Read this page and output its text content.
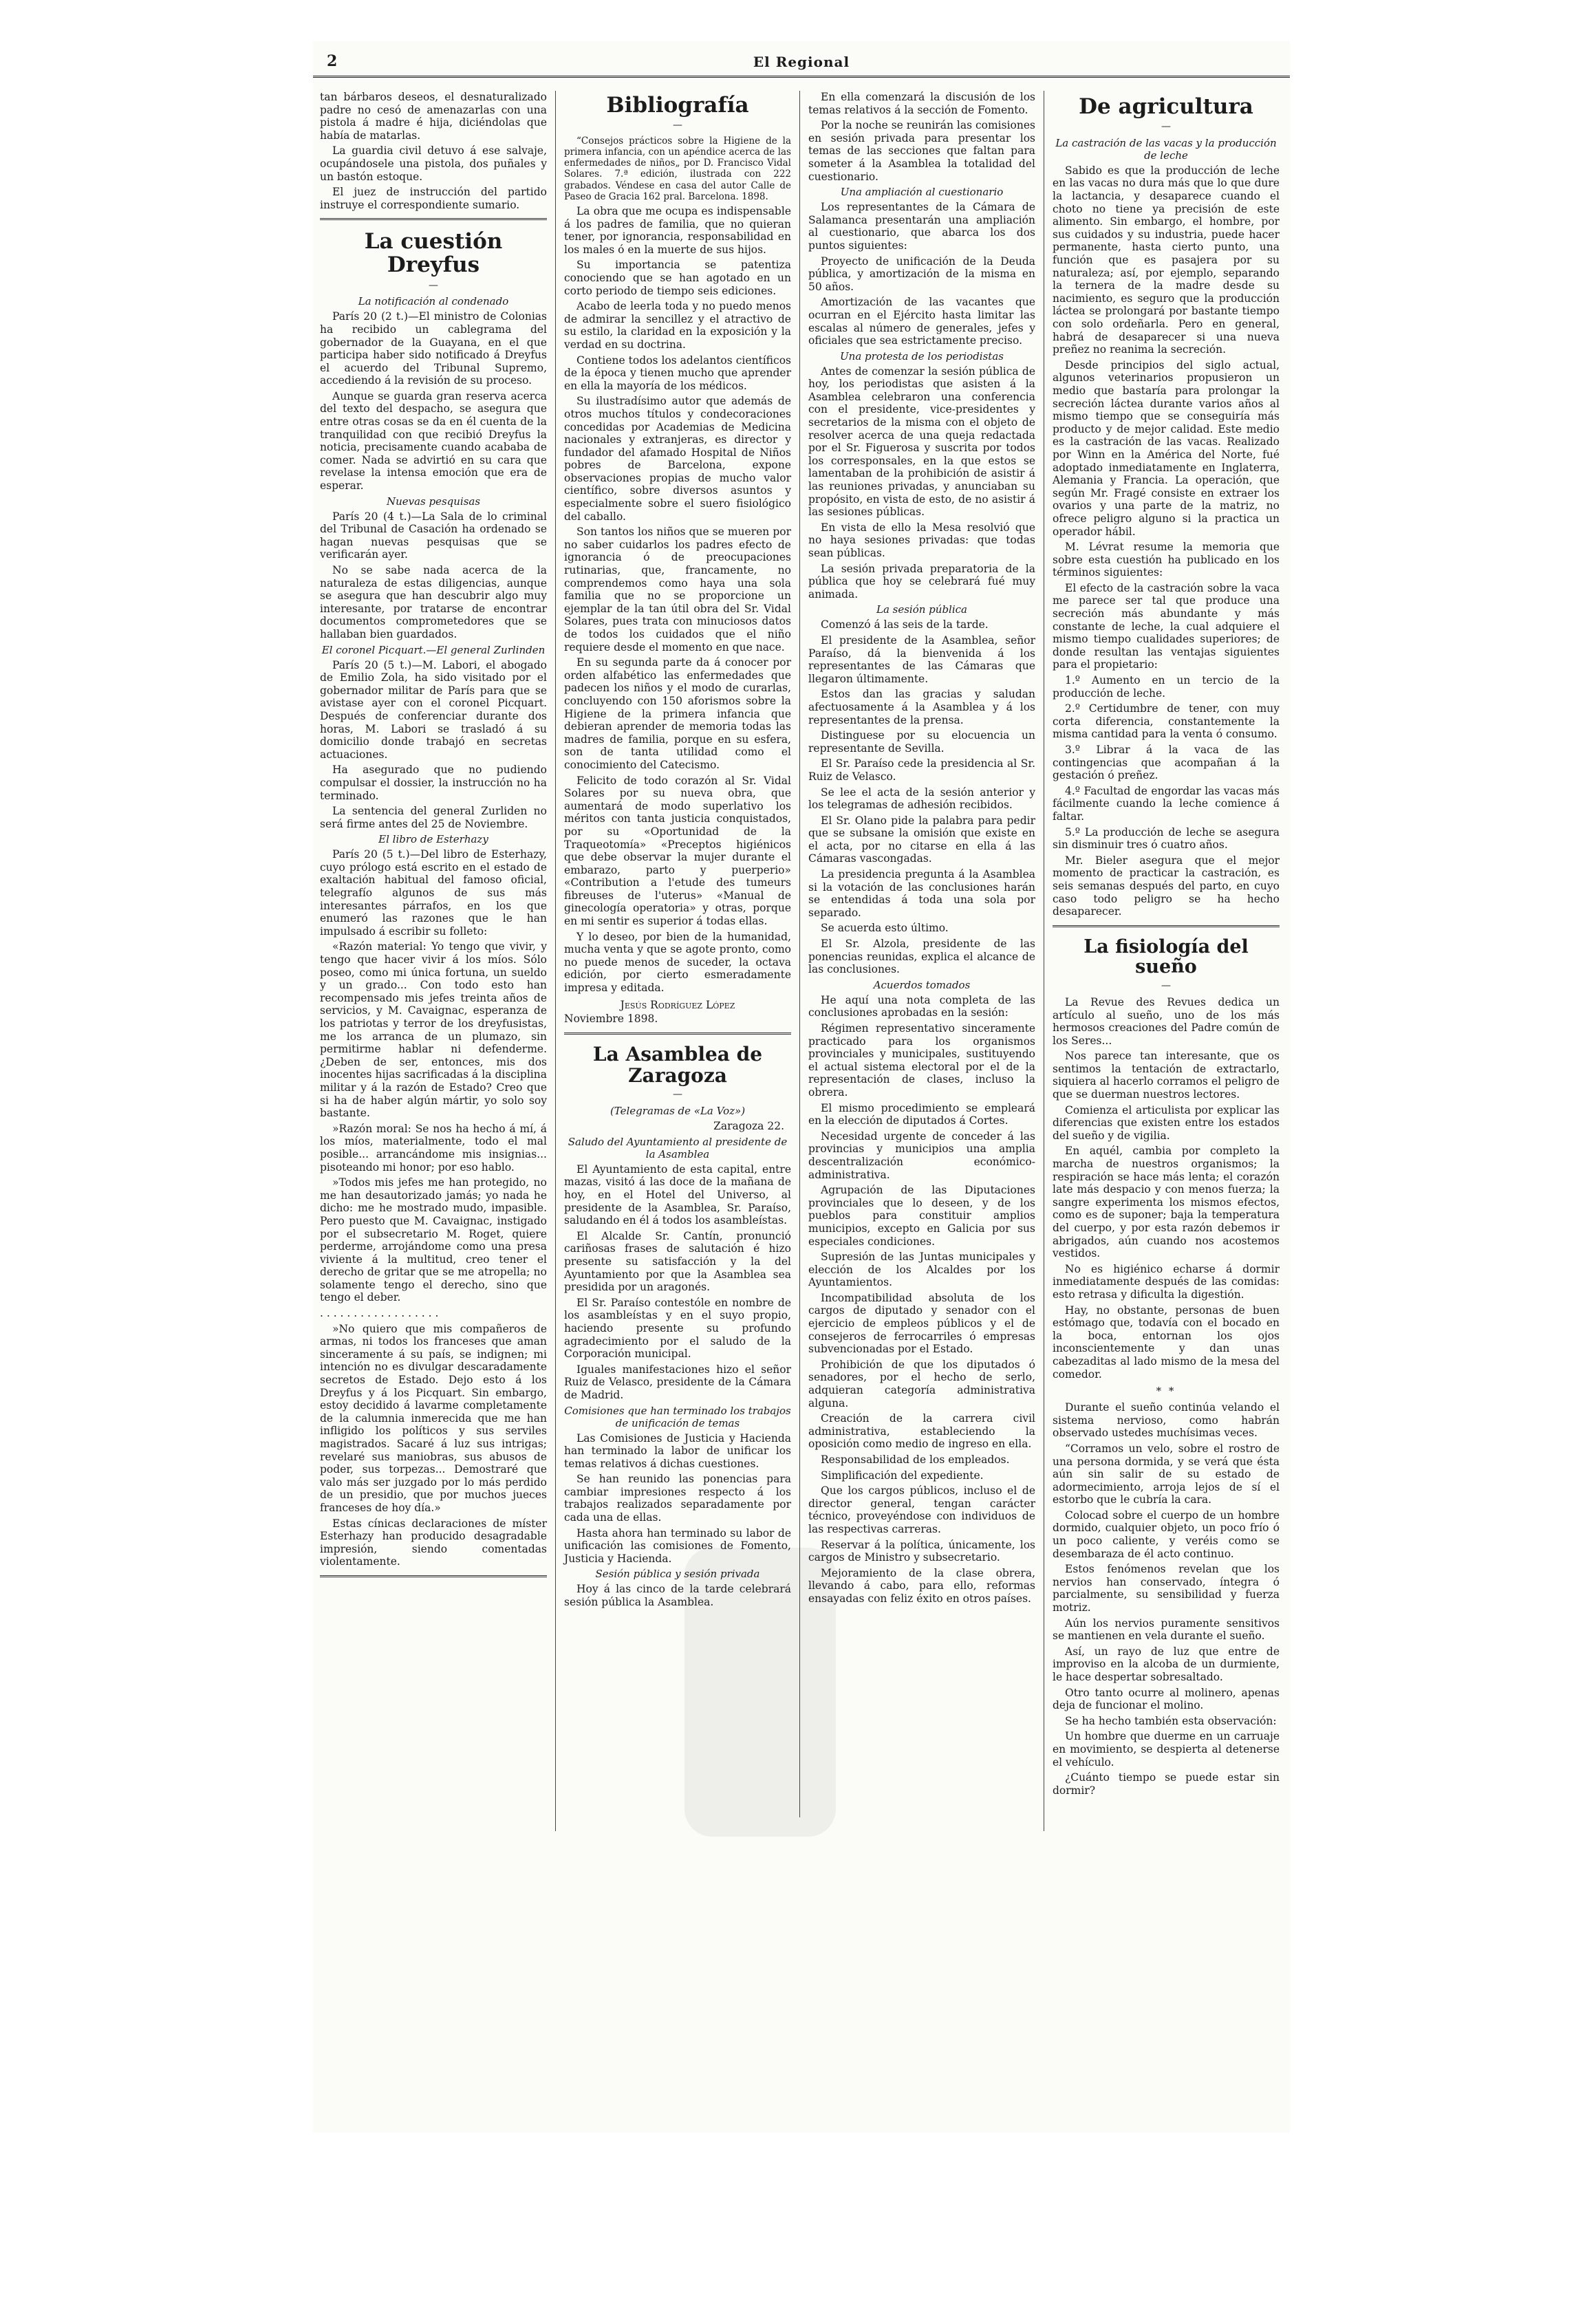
2	El Regional

tan bárbaros deseos, el desnaturalizado padre no cesó de amenazarlas con una pistola á madre é hija, diciéndolas que había de matarlas.

La guardia civil detuvo á ese salvaje, ocupándosele una pistola, dos puñales y un bastón estoque.

El juez de instrucción del partido instruye el correspondiente sumario.

La cuestión Dreyfus
—
La notificación al condenado

París 20 (2 t.)—El ministro de Colonias ha recibido un cablegrama del gobernador de la Guayana, en el que participa haber sido notificado á Dreyfus el acuerdo del Tribunal Supremo, accediendo á la revisión de su proceso.

Aunque se guarda gran reserva acerca del texto del despacho, se asegura que entre otras cosas se da en él cuenta de la tranquilidad con que recibió Dreyfus la noticia, precisamente cuando acababa de comer. Nada se advirtió en su cara que revelase la intensa emoción que era de esperar.

Nuevas pesquisas

París 20 (4 t.)—La Sala de lo criminal del Tribunal de Casación ha ordenado se hagan nuevas pesquisas que se verificarán ayer.

No se sabe nada acerca de la naturaleza de estas diligencias, aunque se asegura que han descubrir algo muy interesante, por tratarse de encontrar documentos comprometedores que se hallaban bien guardados.

El coronel Picquart.—El general Zurlinden

París 20 (5 t.)—M. Labori, el abogado de Emilio Zola, ha sido visitado por el gobernador militar de París para que se avistase ayer con el coronel Picquart. Después de conferenciar durante dos horas, M. Labori se trasladó á su domicilio donde trabajó en secretas actuaciones.

Ha asegurado que no pudiendo compulsar el dossier, la instrucción no ha terminado.

La sentencia del general Zurliden no será firme antes del 25 de Noviembre.

El libro de Esterhazy

París 20 (5 t.)—Del libro de Esterhazy, cuyo prólogo está escrito en el estado de exaltación habitual del famoso oficial, telegrafío algunos de sus más interesantes párrafos, en los que enumeró las razones que le han impulsado á escribir su folleto:

«Razón material: Yo tengo que vivir, y tengo que hacer vivir á los míos. Sólo poseo, como mi única fortuna, un sueldo y un grado... Con todo esto han recompensado mis jefes treinta años de servicios, y M. Cavaignac, esperanza de los patriotas y terror de los dreyfusistas, me los arranca de un plumazo, sin permitirme hablar ni defenderme. ¿Deben de ser, entonces, mis dos inocentes hijas sacrificadas á la disciplina militar y á la razón de Estado? Creo que si ha de haber algún mártir, yo solo soy bastante.

»Razón moral: Se nos ha hecho á mí, á los míos, materialmente, todo el mal posible... arrancándome mis insignias... pisoteando mi honor; por eso hablo.

»Todos mis jefes me han protegido, no me han desautorizado jamás; yo nada he dicho: me he mostrado mudo, impasible. Pero puesto que M. Cavaignac, instigado por el subsecretario M. Roget, quiere perderme, arrojándome como una presa viviente á la multitud, creo tener el derecho de gritar que se me atropella; no solamente tengo el derecho, sino que tengo el deber.

. . . . . . . . . . . . . . . . . .

»No quiero que mis compañeros de armas, ni todos los franceses que aman sinceramente á su país, se indignen; mi intención no es divulgar descaradamente secretos de Estado. Dejo esto á los Dreyfus y á los Picquart. Sin embargo, estoy decidido á lavarme completamente de la calumnia inmerecida que me han infligido los políticos y sus serviles magistrados. Sacaré á luz sus intrigas; revelaré sus maniobras, sus abusos de poder, sus torpezas... Demostraré que valo más ser juzgado por lo más perdido de un presidio, que por muchos jueces franceses de hoy día.»

Estas cínicas declaraciones de míster Esterhazy han producido desagradable impresión, siendo comentadas violentamente.

Bibliografía
—

“Consejos prácticos sobre la Higiene de la primera infancia, con un apéndice acerca de las enfermedades de niños„ por D. Francisco Vidal Solares. 7.ª edición, ilustrada con 222 grabados. Véndese en casa del autor Calle de Paseo de Gracia 162 pral. Barcelona. 1898.

La obra que me ocupa es indispensable á los padres de familia, que no quieran tener, por ignorancia, responsabilidad en los males ó en la muerte de sus hijos.

Su importancia se patentiza conociendo que se han agotado en un corto periodo de tiempo seis ediciones.

Acabo de leerla toda y no puedo menos de admirar la sencillez y el atractivo de su estilo, la claridad en la exposición y la verdad en su doctrina.

Contiene todos los adelantos científicos de la época y tienen mucho que aprender en ella la mayoría de los médicos.

Su ilustradísimo autor que además de otros muchos títulos y condecoraciones concedidas por Academias de Medicina nacionales y extranjeras, es director y fundador del afamado Hospital de Niños pobres de Barcelona, expone observaciones propias de mucho valor científico, sobre diversos asuntos y especialmente sobre el suero fisiológico del caballo.

Son tantos los niños que se mueren por no saber cuidarlos los padres efecto de ignorancia ó de preocupaciones rutinarias, que, francamente, no comprendemos como haya una sola familia que no se proporcione un ejemplar de la tan útil obra del Sr. Vidal Solares, pues trata con minuciosos datos de todos los cuidados que el niño requiere desde el momento en que nace.

En su segunda parte da á conocer por orden alfabético las enfermedades que padecen los niños y el modo de curarlas, concluyendo con 150 aforismos sobre la Higiene de la primera infancia que debieran aprender de memoria todas las madres de familia, porque en su esfera, son de tanta utilidad como el conocimiento del Catecismo.

Felicito de todo corazón al Sr. Vidal Solares por su nueva obra, que aumentará de modo superlativo los méritos con tanta justicia conquistados, por su «Oportunidad de la Traqueotomía» «Preceptos higiénicos que debe observar la mujer durante el embarazo, parto y puerperio» «Contribution a l'etude des tumeurs fibreuses de l'uterus» «Manual de ginecología operatoria» y otras, porque en mi sentir es superior á todas ellas.

Y lo deseo, por bien de la humanidad, mucha venta y que se agote pronto, como no puede menos de suceder, la octava edición, por cierto esmeradamente impresa y editada.

Jesús Rodríguez López

Noviembre 1898.

La Asamblea de Zaragoza
—
(Telegramas de «La Voz»)
Zaragoza 22.
Saludo del Ayuntamiento al presidente de la Asamblea

El Ayuntamiento de esta capital, entre mazas, visitó á las doce de la mañana de hoy, en el Hotel del Universo, al presidente de la Asamblea, Sr. Paraíso, saludando en él á todos los asambleístas.

El Alcalde Sr. Cantín, pronunció cariñosas frases de salutación é hizo presente su satisfacción y la del Ayuntamiento por que la Asamblea sea presidida por un aragonés.

El Sr. Paraíso contestóle en nombre de los asambleístas y en el suyo propio, haciendo presente su profundo agradecimiento por el saludo de la Corporación municipal.

Iguales manifestaciones hizo el señor Ruiz de Velasco, presidente de la Cámara de Madrid.

Comisiones que han terminado los trabajos de unificación de temas

Las Comisiones de Justicia y Hacienda han terminado la labor de unificar los temas relativos á dichas cuestiones.

Se han reunido las ponencias para cambiar impresiones respecto á los trabajos realizados separadamente por cada una de ellas.

Hasta ahora han terminado su labor de unificación las comisiones de Fomento, Justicia y Hacienda.

Sesión pública y sesión privada

Hoy á las cinco de la tarde celebrará sesión pública la Asamblea.

En ella comenzará la discusión de los temas relativos á la sección de Fomento.

Por la noche se reunirán las comisiones en sesión privada para presentar los temas de las secciones que faltan para someter á la Asamblea la totalidad del cuestionario.

Una ampliación al cuestionario

Los representantes de la Cámara de Salamanca presentarán una ampliación al cuestionario, que abarca los dos puntos siguientes:

Proyecto de unificación de la Deuda pública, y amortización de la misma en 50 años.

Amortización de las vacantes que ocurran en el Ejército hasta limitar las escalas al número de generales, jefes y oficiales que sea estrictamente preciso.

Una protesta de los periodistas

Antes de comenzar la sesión pública de hoy, los periodistas que asisten á la Asamblea celebraron una conferencia con el presidente, vice-presidentes y secretarios de la misma con el objeto de resolver acerca de una queja redactada por el Sr. Figuerosa y suscrita por todos los corresponsales, en la que estos se lamentaban de la prohibición de asistir á las reuniones privadas, y anunciaban su propósito, en vista de esto, de no asistir á las sesiones públicas.

En vista de ello la Mesa resolvió que no haya sesiones privadas: que todas sean públicas.

La sesión privada preparatoria de la pública que hoy se celebrará fué muy animada.

La sesión pública

Comenzó á las seis de la tarde.

El presidente de la Asamblea, señor Paraíso, dá la bienvenida á los representantes de las Cámaras que llegaron últimamente.

Estos dan las gracias y saludan afectuosamente á la Asamblea y á los representantes de la prensa.

Distinguese por su elocuencia un representante de Sevilla.

El Sr. Paraíso cede la presidencia al Sr. Ruiz de Velasco.

Se lee el acta de la sesión anterior y los telegramas de adhesión recibidos.

El Sr. Olano pide la palabra para pedir que se subsane la omisión que existe en el acta, por no citarse en ella á las Cámaras vascongadas.

La presidencia pregunta á la Asamblea si la votación de las conclusiones harán se entendidas á toda una sola por separado.

Se acuerda esto último.

El Sr. Alzola, presidente de las ponencias reunidas, explica el alcance de las conclusiones.

Acuerdos tomados

He aquí una nota completa de las conclusiones aprobadas en la sesión:

Régimen representativo sinceramente practicado para los organismos provinciales y municipales, sustituyendo el actual sistema electoral por el de la representación de clases, incluso la obrera.

El mismo procedimiento se empleará en la elección de diputados á Cortes.

Necesidad urgente de conceder á las provincias y municipios una amplia descentralización económico-administrativa.

Agrupación de las Diputaciones provinciales que lo deseen, y de los pueblos para constituir amplios municipios, excepto en Galicia por sus especiales condiciones.

Supresión de las Juntas municipales y elección de los Alcaldes por los Ayuntamientos.

Incompatibilidad absoluta de los cargos de diputado y senador con el ejercicio de empleos públicos y el de consejeros de ferrocarriles ó empresas subvencionadas por el Estado.

Prohibición de que los diputados ó senadores, por el hecho de serlo, adquieran categoría administrativa alguna.

Creación de la carrera civil administrativa, estableciendo la oposición como medio de ingreso en ella.

Responsabilidad de los empleados.

Simplificación del expediente.

Que los cargos públicos, incluso el de director general, tengan carácter técnico, proveyéndose con individuos de las respectivas carreras.

Reservar á la política, únicamente, los cargos de Ministro y subsecretario.

Mejoramiento de la clase obrera, llevando á cabo, para ello, reformas ensayadas con feliz éxito en otros países.

De agricultura
—
La castración de las vacas y la producción de leche

Sabido es que la producción de leche en las vacas no dura más que lo que dure la lactancia, y desaparece cuando el choto no tiene ya precisión de este alimento. Sin embargo, el hombre, por sus cuidados y su industria, puede hacer permanente, hasta cierto punto, una función que es pasajera por su naturaleza; así, por ejemplo, separando la ternera de la madre desde su nacimiento, es seguro que la producción láctea se prolongará por bastante tiempo con solo ordeñarla. Pero en general, habrá de desaparecer si una nueva preñez no reanima la secreción.

Desde principios del siglo actual, algunos veterinarios propusieron un medio que bastaría para prolongar la secreción láctea durante varios años al mismo tiempo que se conseguiría más producto y de mejor calidad. Este medio es la castración de las vacas. Realizado por Winn en la América del Norte, fué adoptado inmediatamente en Inglaterra, Alemania y Francia. La operación, que según Mr. Fragé consiste en extraer los ovarios y una parte de la matriz, no ofrece peligro alguno si la practica un operador hábil.

M. Lévrat resume la memoria que sobre esta cuestión ha publicado en los términos siguientes:

El efecto de la castración sobre la vaca me parece ser tal que produce una secreción más abundante y más constante de leche, la cual adquiere el mismo tiempo cualidades superiores; de donde resultan las ventajas siguientes para el propietario:

1.º Aumento en un tercio de la producción de leche.

2.º Certidumbre de tener, con muy corta diferencia, constantemente la misma cantidad para la venta ó consumo.

3.º Librar á la vaca de las contingencias que acompañan á la gestación ó preñez.

4.º Facultad de engordar las vacas más fácilmente cuando la leche comience á faltar.

5.º La producción de leche se asegura sin disminuir tres ó cuatro años.

Mr. Bieler asegura que el mejor momento de practicar la castración, es seis semanas después del parto, en cuyo caso todo peligro se ha hecho desaparecer.

La fisiología del sueño
—

La Revue des Revues dedica un artículo al sueño, uno de los más hermosos creaciones del Padre común de los Seres...

Nos parece tan interesante, que os sentimos la tentación de extractarlo, siquiera al hacerlo corramos el peligro de que se duerman nuestros lectores.

Comienza el articulista por explicar las diferencias que existen entre los estados del sueño y de vigilia.

En aquél, cambia por completo la marcha de nuestros organismos; la respiración se hace más lenta; el corazón late más despacio y con menos fuerza; la sangre experimenta los mismos efectos, como es de suponer; baja la temperatura del cuerpo, y por esta razón debemos ir abrigados, aún cuando nos acostemos vestidos.

No es higiénico echarse á dormir inmediatamente después de las comidas: esto retrasa y dificulta la digestión.

Hay, no obstante, personas de buen estómago que, todavía con el bocado en la boca, entornan los ojos inconscientemente y dan unas cabezaditas al lado mismo de la mesa del comedor.

* *

Durante el sueño continúa velando el sistema nervioso, como habrán observado ustedes muchísimas veces.

“Corramos un velo, sobre el rostro de una persona dormida, y se verá que ésta aún sin salir de su estado de adormecimiento, arroja lejos de sí el estorbo que le cubría la cara.

Colocad sobre el cuerpo de un hombre dormido, cualquier objeto, un poco frío ó un poco caliente, y veréis como se desembaraza de él acto continuo.

Estos fenómenos revelan que los nervios han conservado, íntegra ó parcialmente, su sensibilidad y fuerza motriz.

Aún los nervios puramente sensitivos se mantienen en vela durante el sueño.

Así, un rayo de luz que entre de improviso en la alcoba de un durmiente, le hace despertar sobresaltado.

Otro tanto ocurre al molinero, apenas deja de funcionar el molino.

Se ha hecho también esta observación:

Un hombre que duerme en un carruaje en movimiento, se despierta al detenerse el vehículo.

¿Cuánto tiempo se puede estar sin dormir?
